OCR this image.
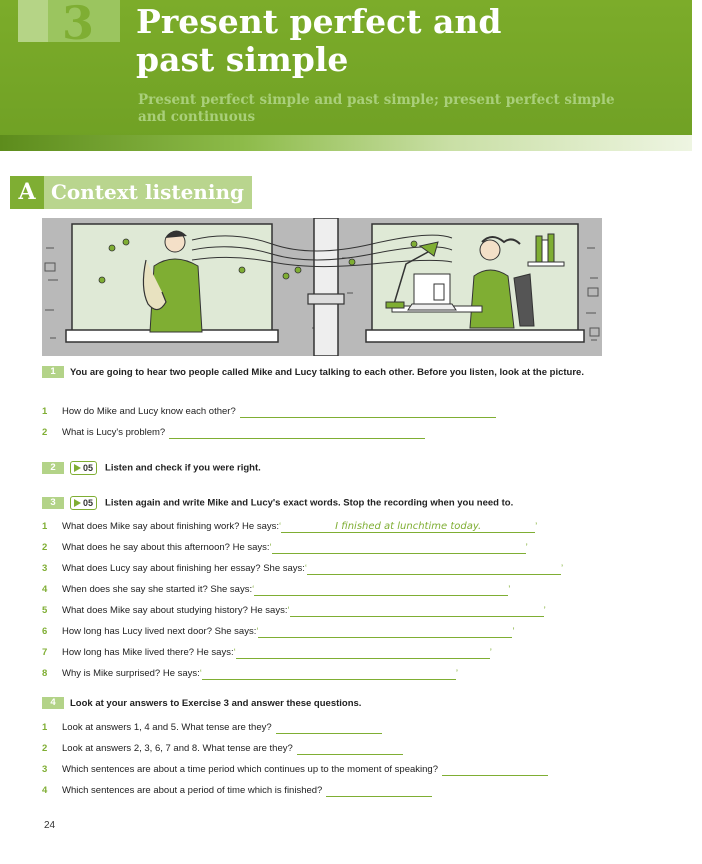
3 Present perfect and
past simple
Present perfect simple and past simple; present perfect simple and continuous
A Context listening
1 You are going to hear two people called Mike and Lucy talking to each other. Before you listen, look at the picture.
1	How do Mike and Lucy know each other?
2	What is Lucy's problem?
2	05	Listen and check if you were right.
3	05	Listen again and write Mike and Lucy's exact words. Stop the recording when you need to.
1	What does Mike say about finishing work? He says: ‘	I finished at lunchtime today.	’
2	What does he say about this afternoon? He says: ‘	’
3	What does Lucy say about finishing her essay? She says: ‘	’
4	When does she say she started it? She says: ‘	’
5	What does Mike say about studying history? He says: ‘	’
6	How long has Lucy lived next door? She says: ‘	’
7	How long has Mike lived there? He says: ‘	’
8	Why is Mike surprised? He says: ‘	’
4 Look at your answers to Exercise 3 and answer these questions.
1	Look at answers 1, 4 and 5. What tense are they?
2	Look at answers 2, 3, 6, 7 and 8. What tense are they?
3	Which sentences are about a time period which continues up to the moment of speaking?
4	Which sentences are about a period of time which is finished?
24
